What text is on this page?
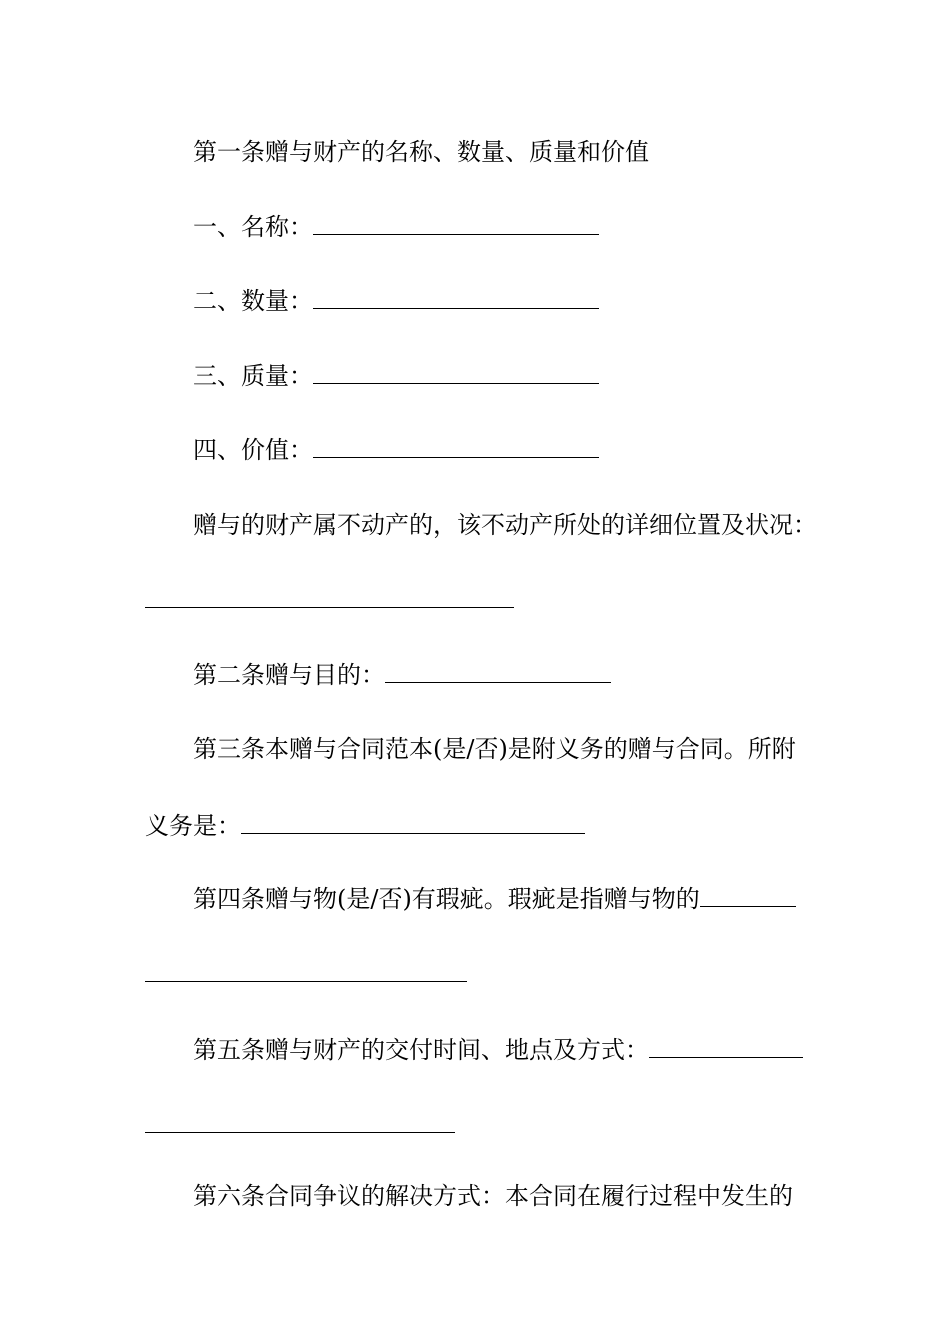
第一条赠与财产的名称、数量、质量和价值
一、名称：
二、数量：
三、质量：
四、价值：
赠与的财产属不动产的，该不动产所处的详细位置及状况：
第二条赠与目的：
第三条本赠与合同范本(是/否)是附义务的赠与合同。所附
义务是：
第四条赠与物(是/否)有瑕疵。瑕疵是指赠与物的
第五条赠与财产的交付时间、地点及方式：
第六条合同争议的解决方式：本合同在履行过程中发生的
